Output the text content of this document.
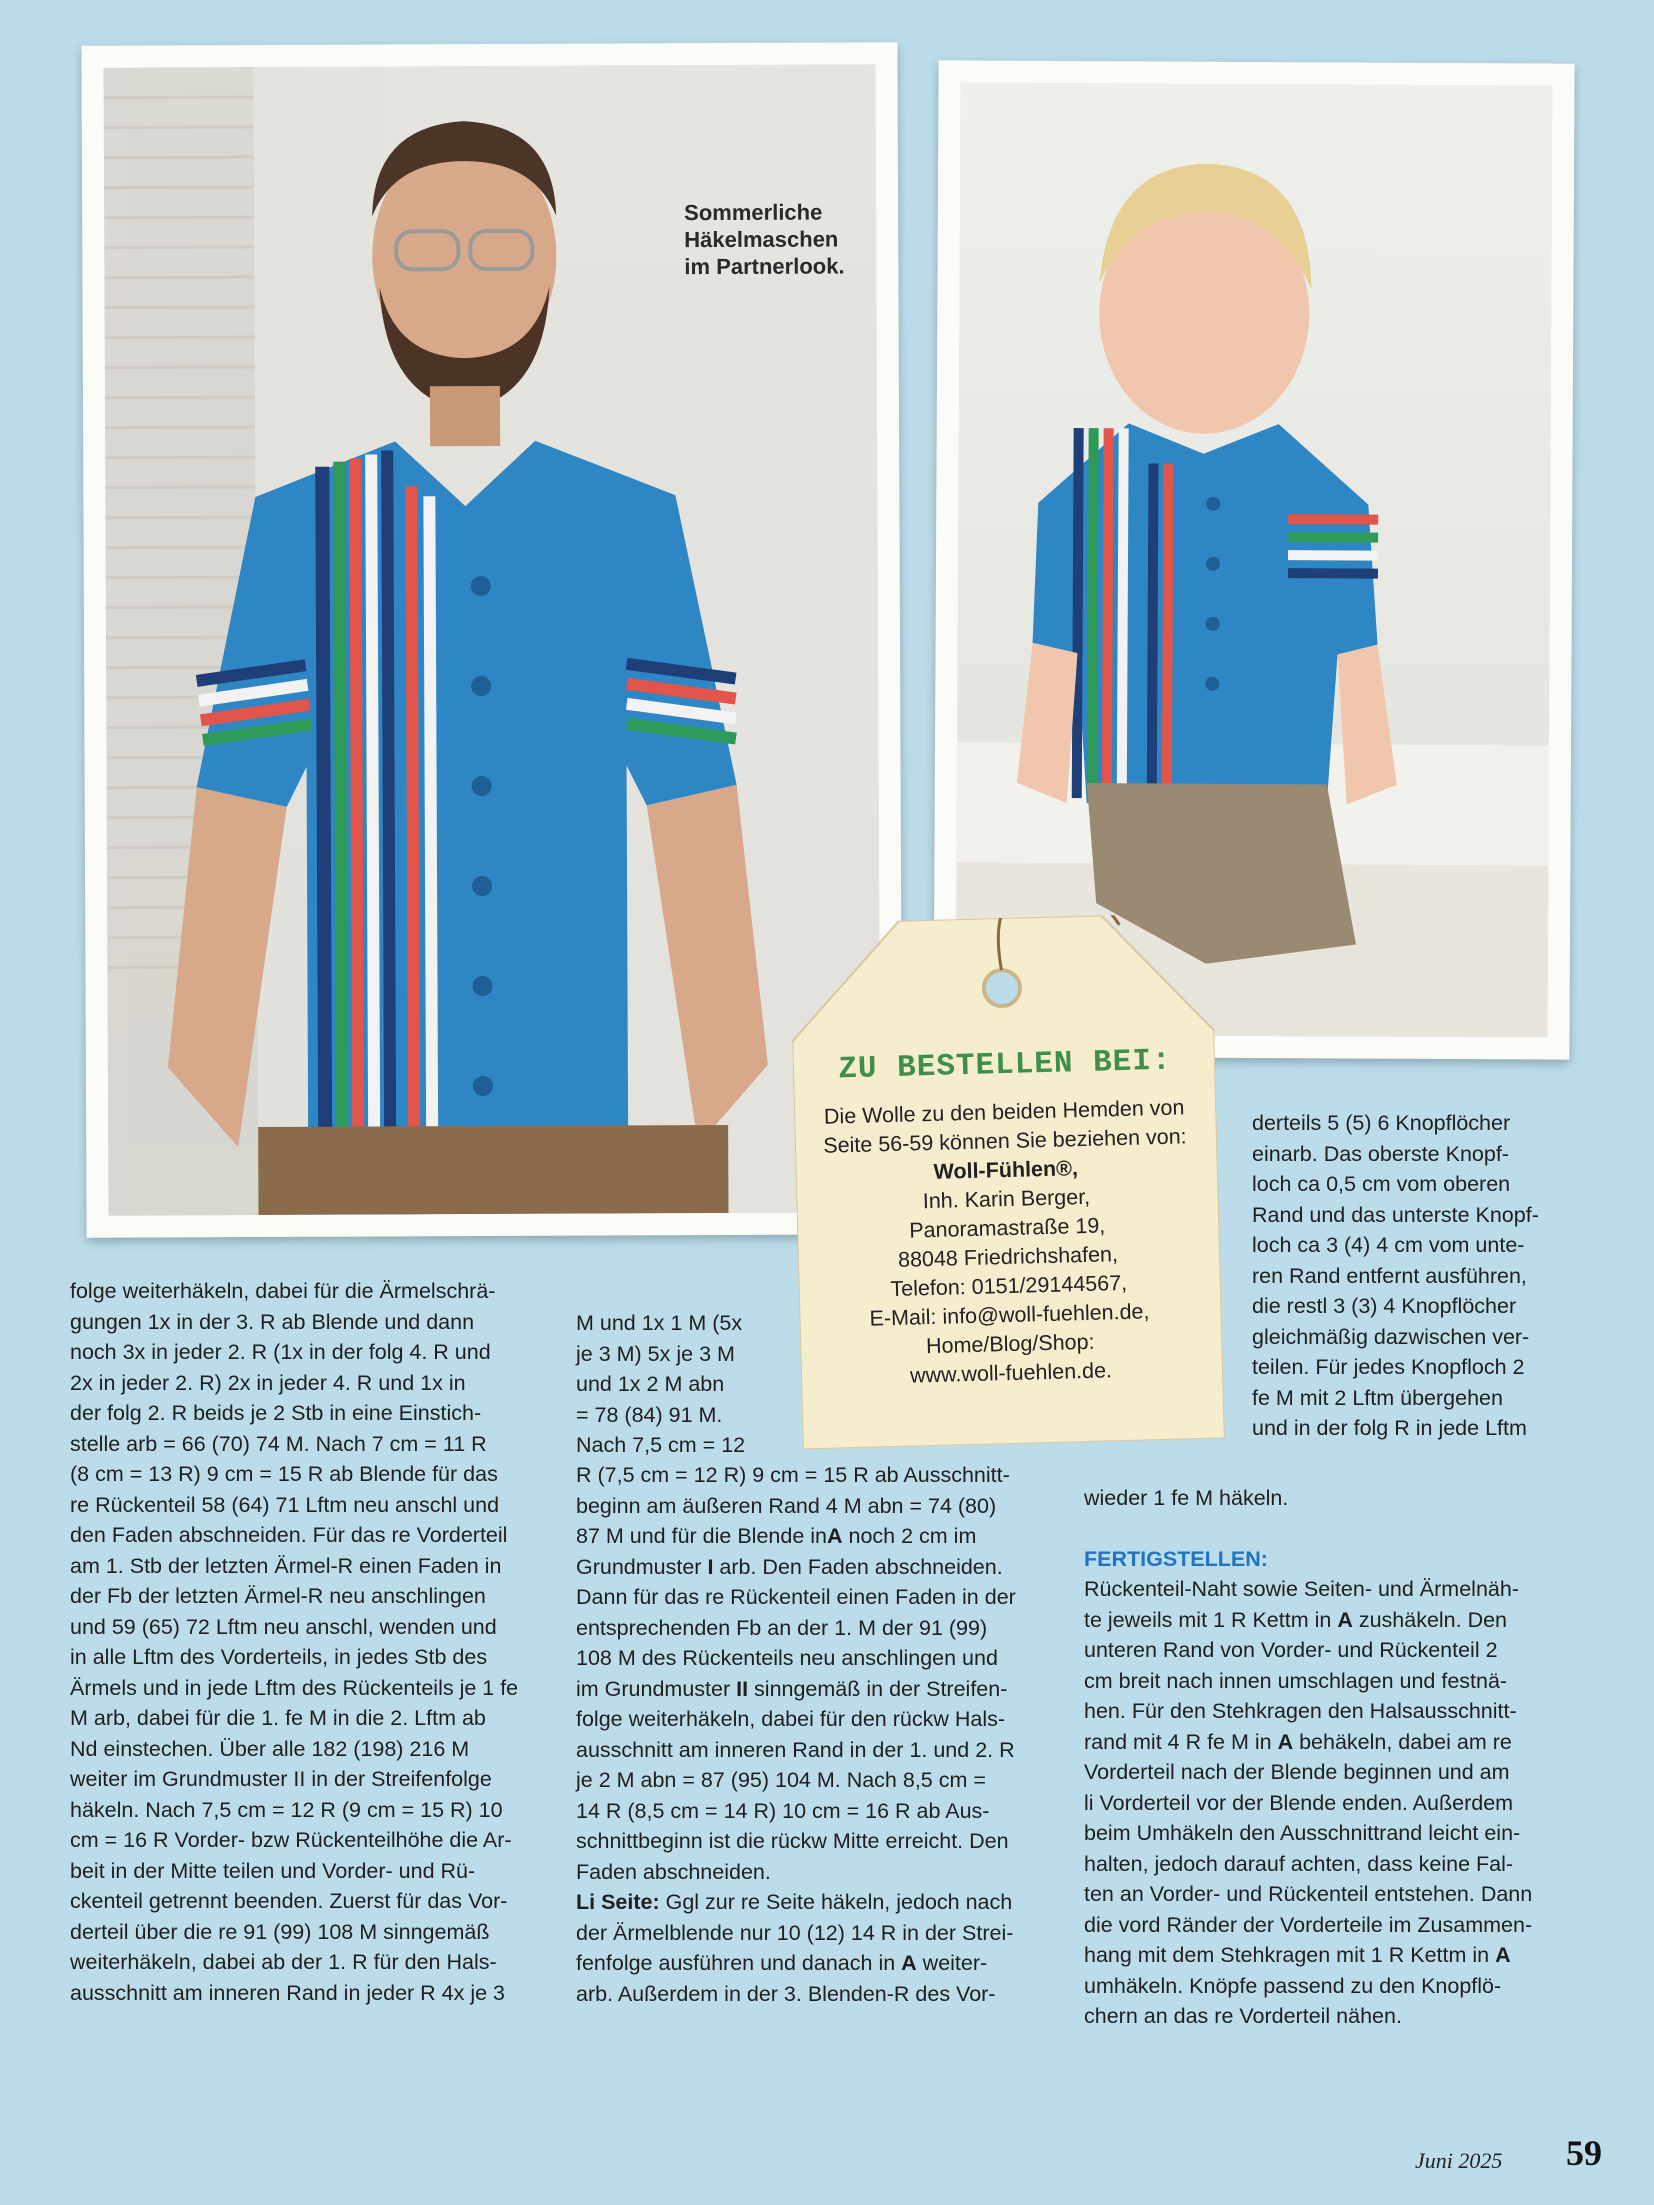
Sommerliche
Häkelmaschen
im Partnerlook.
ZU BESTELLEN BEI:
Die Wolle zu den beiden Hemden von
Seite 56-59 können Sie beziehen von:
Woll-Fühlen®,
Inh. Karin Berger,
Panoramastraße 19,
88048 Friedrichshafen,
Telefon: 0151/29144567,
E-Mail: info@woll-fuehlen.de,
Home/Blog/Shop:
www.woll-fuehlen.de.

folge weiterhäkeln, dabei für die Ärmelschrä-

gungen 1x in der 3. R ab Blende und dann

noch 3x in jeder 2. R (1x in der folg 4. R und

2x in jeder 2. R) 2x in jeder 4. R und 1x in

der folg 2. R beids je 2 Stb in eine Einstich-

stelle arb = 66 (70) 74 M. Nach 7 cm = 11 R

(8 cm = 13 R) 9 cm = 15 R ab Blende für das

re Rückenteil 58 (64) 71 Lftm neu anschl und

den Faden abschneiden. Für das re Vorderteil

am 1. Stb der letzten Ärmel-R einen Faden in

der Fb der letzten Ärmel-R neu anschlingen

und 59 (65) 72 Lftm neu anschl, wenden und

in alle Lftm des Vorderteils, in jedes Stb des

Ärmels und in jede Lftm des Rückenteils je 1 fe

M arb, dabei für die 1. fe M in die 2. Lftm ab

Nd einstechen. Über alle 182 (198) 216 M

weiter im Grundmuster II in der Streifenfolge

häkeln. Nach 7,5 cm = 12 R (9 cm = 15 R) 10

cm = 16 R Vorder- bzw Rückenteilhöhe die Ar-

beit in der Mitte teilen und Vorder- und Rü-

ckenteil getrennt beenden. Zuerst für das Vor-

derteil über die re 91 (99) 108 M sinngemäß

weiterhäkeln, dabei ab der 1. R für den Hals-

ausschnitt am inneren Rand in jeder R 4x je 3

M und 1x 1 M (5x

je 3 M) 5x je 3 M

und 1x 2 M abn

= 78 (84) 91 M.

Nach 7,5 cm = 12

R (7,5 cm = 12 R) 9 cm = 15 R ab Ausschnitt-

beginn am äußeren Rand 4 M abn = 74 (80)

87 M und für die Blende inA noch 2 cm im

Grundmuster I arb. Den Faden abschneiden.

Dann für das re Rückenteil einen Faden in der

entsprechenden Fb an der 1. M der 91 (99)

108 M des Rückenteils neu anschlingen und

im Grundmuster II sinngemäß in der Streifen-

folge weiterhäkeln, dabei für den rückw Hals-

ausschnitt am inneren Rand in der 1. und 2. R

je 2 M abn = 87 (95) 104 M. Nach 8,5 cm =

14 R (8,5 cm = 14 R) 10 cm = 16 R ab Aus-

schnittbeginn ist die rückw Mitte erreicht. Den

Faden abschneiden.

Li Seite: Ggl zur re Seite häkeln, jedoch nach

der Ärmelblende nur 10 (12) 14 R in der Strei-

fenfolge ausführen und danach in A weiter-

arb. Außerdem in der 3. Blenden-R des Vor-

derteils 5 (5) 6 Knopflöcher

einarb. Das oberste Knopf-

loch ca 0,5 cm vom oberen

Rand und das unterste Knopf-

loch ca 3 (4) 4 cm vom unte-

ren Rand entfernt ausführen,

die restl 3 (3) 4 Knopflöcher

gleichmäßig dazwischen ver-

teilen. Für jedes Knopfloch 2

fe M mit 2 Lftm übergehen

und in der folg R in jede Lftm

wieder 1 fe M häkeln.

FERTIGSTELLEN:

Rückenteil-Naht sowie Seiten- und Ärmelnäh-

te jeweils mit 1 R Kettm in A zushäkeln. Den

unteren Rand von Vorder- und Rückenteil 2

cm breit nach innen umschlagen und festnä-

hen. Für den Stehkragen den Halsausschnitt-

rand mit 4 R fe M in A behäkeln, dabei am re

Vorderteil nach der Blende beginnen und am

li Vorderteil vor der Blende enden. Außerdem

beim Umhäkeln den Ausschnittrand leicht ein-

halten, jedoch darauf achten, dass keine Fal-

ten an Vorder- und Rückenteil entstehen. Dann

die vord Ränder der Vorderteile im Zusammen-

hang mit dem Stehkragen mit 1 R Kettm in A

umhäkeln. Knöpfe passend zu den Knopflö-

chern an das re Vorderteil nähen.

Juni 2025 59
